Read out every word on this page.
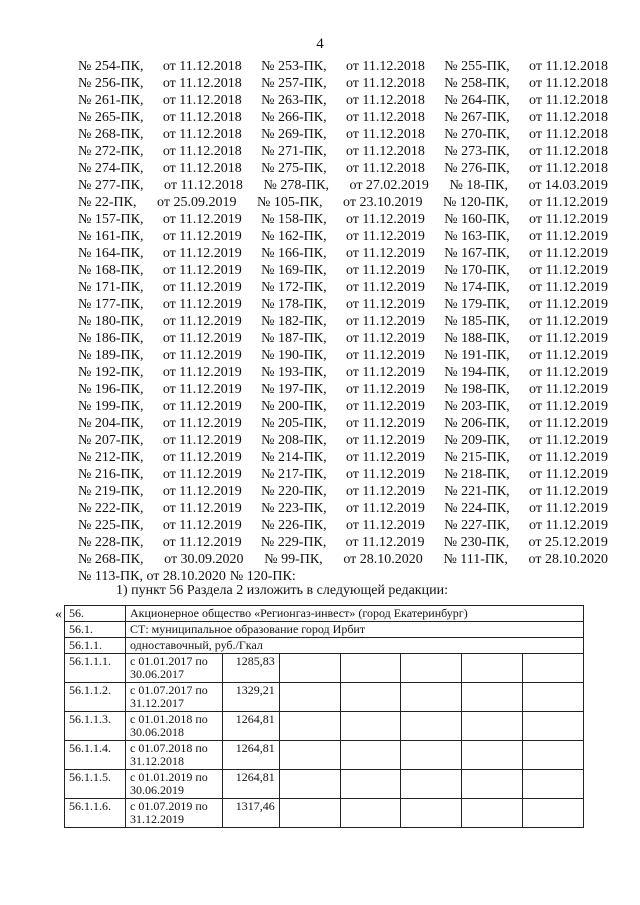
4
№ 254-ПК, от 11.12.2018 № 253-ПК, от 11.12.2018 № 255-ПК, от 11.12.2018
№ 256-ПК, от 11.12.2018 № 257-ПК, от 11.12.2018 № 258-ПК, от 11.12.2018
№ 261-ПК, от 11.12.2018 № 263-ПК, от 11.12.2018 № 264-ПК, от 11.12.2018
№ 265-ПК, от 11.12.2018 № 266-ПК, от 11.12.2018 № 267-ПК, от 11.12.2018
№ 268-ПК, от 11.12.2018 № 269-ПК, от 11.12.2018 № 270-ПК, от 11.12.2018
№ 272-ПК, от 11.12.2018 № 271-ПК, от 11.12.2018 № 273-ПК, от 11.12.2018
№ 274-ПК, от 11.12.2018 № 275-ПК, от 11.12.2018 № 276-ПК, от 11.12.2018
№ 277-ПК, от 11.12.2018 № 278-ПК, от 27.02.2019 № 18-ПК, от 14.03.2019
№ 22-ПК, от 25.09.2019 № 105-ПК, от 23.10.2019 № 120-ПК, от 11.12.2019
№ 157-ПК, от 11.12.2019 № 158-ПК, от 11.12.2019 № 160-ПК, от 11.12.2019
№ 161-ПК, от 11.12.2019 № 162-ПК, от 11.12.2019 № 163-ПК, от 11.12.2019
№ 164-ПК, от 11.12.2019 № 166-ПК, от 11.12.2019 № 167-ПК, от 11.12.2019
№ 168-ПК, от 11.12.2019 № 169-ПК, от 11.12.2019 № 170-ПК, от 11.12.2019
№ 171-ПК, от 11.12.2019 № 172-ПК, от 11.12.2019 № 174-ПК, от 11.12.2019
№ 177-ПК, от 11.12.2019 № 178-ПК, от 11.12.2019 № 179-ПК, от 11.12.2019
№ 180-ПК, от 11.12.2019 № 182-ПК, от 11.12.2019 № 185-ПК, от 11.12.2019
№ 186-ПК, от 11.12.2019 № 187-ПК, от 11.12.2019 № 188-ПК, от 11.12.2019
№ 189-ПК, от 11.12.2019 № 190-ПК, от 11.12.2019 № 191-ПК, от 11.12.2019
№ 192-ПК, от 11.12.2019 № 193-ПК, от 11.12.2019 № 194-ПК, от 11.12.2019
№ 196-ПК, от 11.12.2019 № 197-ПК, от 11.12.2019 № 198-ПК, от 11.12.2019
№ 199-ПК, от 11.12.2019 № 200-ПК, от 11.12.2019 № 203-ПК, от 11.12.2019
№ 204-ПК, от 11.12.2019 № 205-ПК, от 11.12.2019 № 206-ПК, от 11.12.2019
№ 207-ПК, от 11.12.2019 № 208-ПК, от 11.12.2019 № 209-ПК, от 11.12.2019
№ 212-ПК, от 11.12.2019 № 214-ПК, от 11.12.2019 № 215-ПК, от 11.12.2019
№ 216-ПК, от 11.12.2019 № 217-ПК, от 11.12.2019 № 218-ПК, от 11.12.2019
№ 219-ПК, от 11.12.2019 № 220-ПК, от 11.12.2019 № 221-ПК, от 11.12.2019
№ 222-ПК, от 11.12.2019 № 223-ПК, от 11.12.2019 № 224-ПК, от 11.12.2019
№ 225-ПК, от 11.12.2019 № 226-ПК, от 11.12.2019 № 227-ПК, от 11.12.2019
№ 228-ПК, от 11.12.2019 № 229-ПК, от 11.12.2019 № 230-ПК, от 25.12.2019
№ 268-ПК, от 30.09.2020 № 99-ПК, от 28.10.2020 № 111-ПК, от 28.10.2020
№ 113-ПК, от 28.10.2020 № 120-ПК:
1) пункт 56 Раздела 2 изложить в следующей редакции:
« 56.	Акционерное общество «Регионгаз-инвест» (город Екатеринбург)						
56.1.	СТ: муниципальное образование город Ирбит						
56.1.1.	одноставочный, руб./Гкал						
56.1.1.1.	с 01.01.2017 по 30.06.2017	1285,83					
56.1.1.2.	с 01.07.2017 по 31.12.2017	1329,21					
56.1.1.3.	с 01.01.2018 по 30.06.2018	1264,81					
56.1.1.4.	с 01.07.2018 по 31.12.2018	1264,81					
56.1.1.5.	с 01.01.2019 по 30.06.2019	1264,81					
56.1.1.6.	с 01.07.2019 по 31.12.2019	1317,46					
